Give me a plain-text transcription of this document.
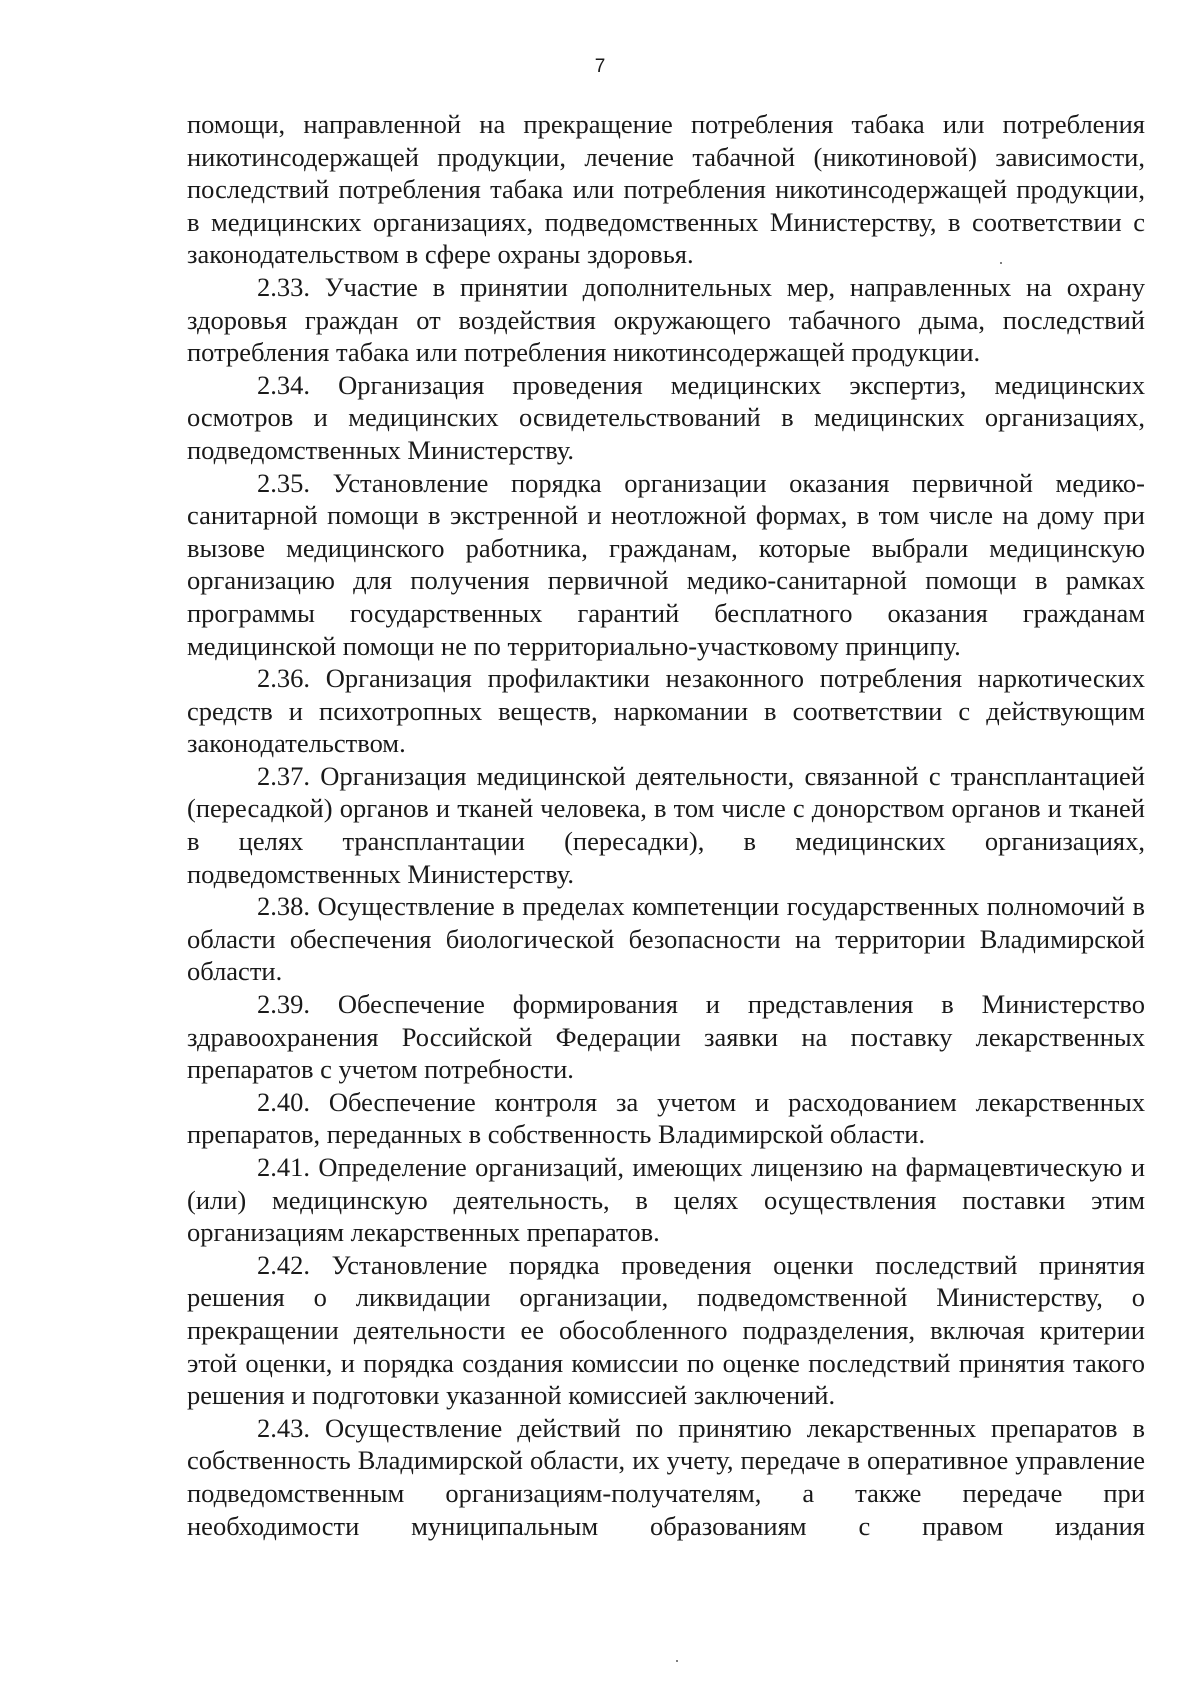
7

помощи, направленной на прекращение потребления табака или потребления никотинсодержащей продукции, лечение табачной (никотиновой) зависимости, последствий потребления табака или потребления никотинсодержащей продукции, в медицинских организациях, подведомственных Министерству, в соответствии с законодательством в сфере охраны здоровья.

2.33. Участие в принятии дополнительных мер, направленных на охрану здоровья граждан от воздействия окружающего табачного дыма, последствий потребления табака или потребления никотинсодержащей продукции.

2.34. Организация проведения медицинских экспертиз, медицинских осмотров и медицинских освидетельствований в медицинских организациях, подведомственных Министерству.

2.35. Установление порядка организации оказания первичной медико-санитарной помощи в экстренной и неотложной формах, в том числе на дому при вызове медицинского работника, гражданам, которые выбрали медицинскую организацию для получения первичной медико-санитарной помощи в рамках программы государственных гарантий бесплатного оказания гражданам медицинской помощи не по территориально-участковому принципу.

2.36. Организация профилактики незаконного потребления наркотических средств и психотропных веществ, наркомании в соответствии с действующим законодательством.

2.37. Организация медицинской деятельности, связанной с трансплантацией (пересадкой) органов и тканей человека, в том числе с донорством органов и тканей в целях трансплантации (пересадки), в медицинских организациях, подведомственных Министерству.

2.38. Осуществление в пределах компетенции государственных полномочий в области обеспечения биологической безопасности на территории Владимирской области.

2.39. Обеспечение формирования и представления в Министерство здравоохранения Российской Федерации заявки на поставку лекарственных препаратов с учетом потребности.

2.40. Обеспечение контроля за учетом и расходованием лекарственных препаратов, переданных в собственность Владимирской области.

2.41. Определение организаций, имеющих лицензию на фармацевтическую и (или) медицинскую деятельность, в целях осуществления поставки этим организациям лекарственных препаратов.

2.42. Установление порядка проведения оценки последствий принятия решения о ликвидации организации, подведомственной Министерству, о прекращении деятельности ее обособленного подразделения, включая критерии этой оценки, и порядка создания комиссии по оценке последствий принятия такого решения и подготовки указанной комиссией заключений.

2.43. Осуществление действий по принятию лекарственных препаратов в собственность Владимирской области, их учету, передаче в оперативное управление подведомственным организациям-получателям, а также передаче при необходимости муниципальным образованиям с правом издания
